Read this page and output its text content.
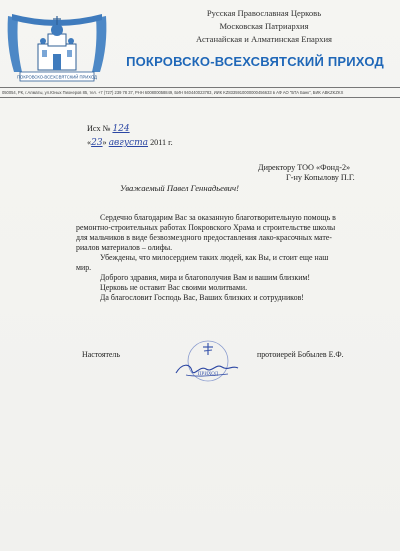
ПОКРОВСКО-ВСЕХСВЯТСКИЙ ПРИХОД
Русская Православная Церковь
Московская Патриархия
Астанайская и Алматинская Епархия
ПОКРОВСКО-ВСЕХСВЯТСКИЙ ПРИХОД
050054, РК, г.Алматы, ул.Юных Пионеров 85, тел. +7 (727) 239 78 37, РНН 600800058849, БИН 940440023783, ИИК KZ8335910000000456633 в АФ АО "БТА Банк", БИК ABKZKZKX
Исх № 124
«23» августа 2011 г.
Директору ТОО «Фонд-2»
Г-ну Копылову П.Г.
Уважаемый Павел Геннадьевич!

Сердечно благодарим Вас за оказанную благотворительную помощь в

ремонтно-строительных работах Покровского Храма и строительстве школы

для мальчиков в виде безвозмездного предоставления лако-красочных матe-

риалов материалов – олифы.

Убеждены, что милосердием таких людей, как Вы, и стоит еще наш

мир.

Доброго здравия, мира и благополучия Вам и вашим близким!

Церковь не оставит Вас своими молитвами.

Да благословит Господь Вас, Ваших близких и сотрудников!

Настоятель	протоиерей Бобылев Е.Ф.
ПРИХОД
